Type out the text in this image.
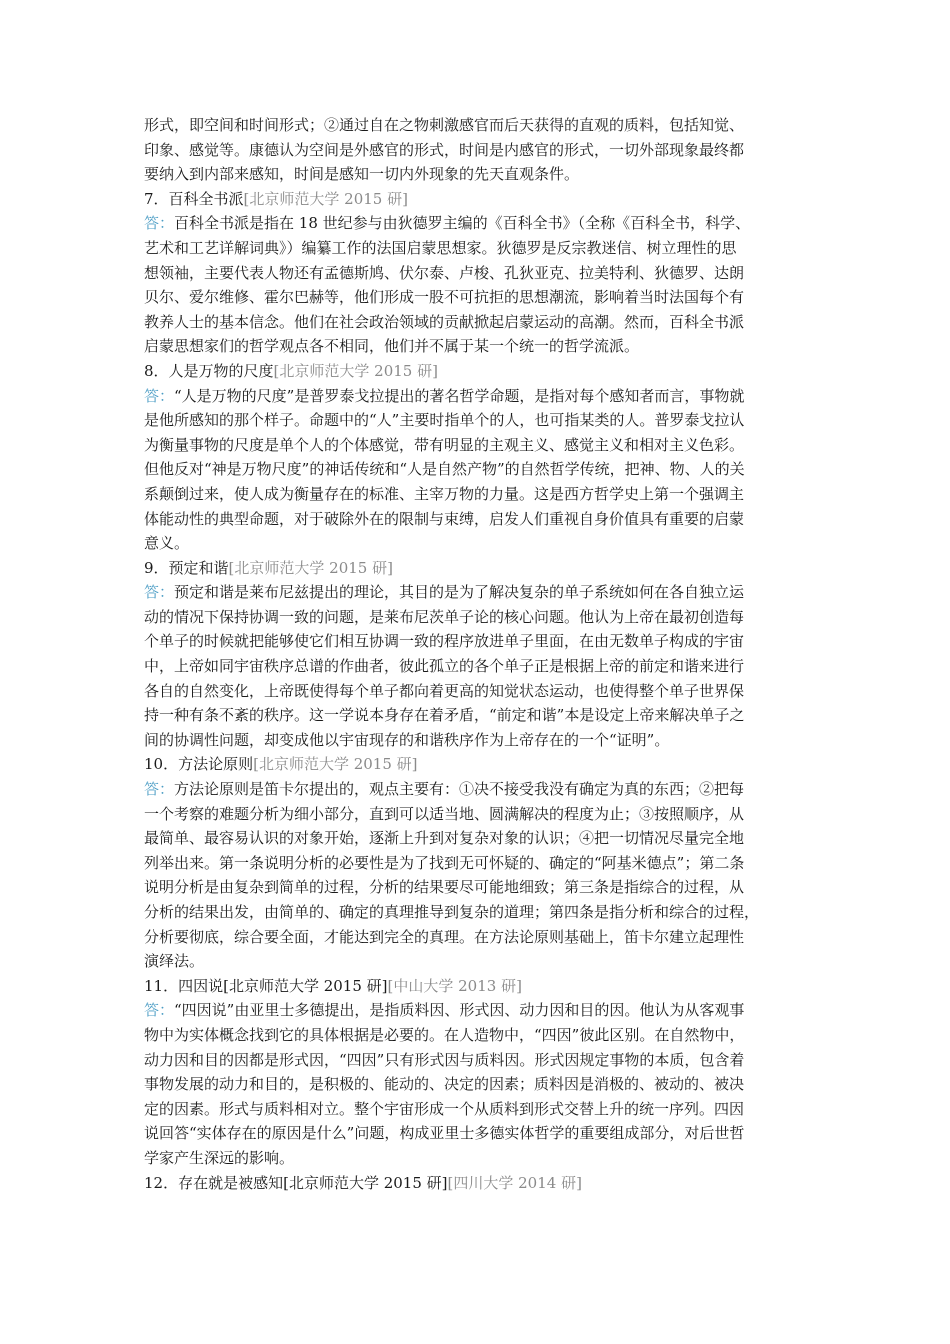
形式，即空间和时间形式；②通过自在之物刺激感官而后天获得的直观的质料，包括知觉、
印象、感觉等。康德认为空间是外感官的形式，时间是内感官的形式，一切外部现象最终都
要纳入到内部来感知，时间是感知一切内外现象的先天直观条件。
7．百科全书派[北京师范大学 2015 研]
答：百科全书派是指在 18 世纪参与由狄德罗主编的《百科全书》（全称《百科全书，科学、
艺术和工艺详解词典》）编纂工作的法国启蒙思想家。狄德罗是反宗教迷信、树立理性的思
想领袖，主要代表人物还有孟德斯鸠、伏尔泰、卢梭、孔狄亚克、拉美特利、狄德罗、达朗
贝尔、爱尔维修、霍尔巴赫等，他们形成一股不可抗拒的思想潮流，影响着当时法国每个有
教养人士的基本信念。他们在社会政治领域的贡献掀起启蒙运动的高潮。然而，百科全书派
启蒙思想家们的哲学观点各不相同，他们并不属于某一个统一的哲学流派。
8．人是万物的尺度[北京师范大学 2015 研]
答：“人是万物的尺度”是普罗泰戈拉提出的著名哲学命题，是指对每个感知者而言，事物就
是他所感知的那个样子。命题中的“人”主要时指单个的人，也可指某类的人。普罗泰戈拉认
为衡量事物的尺度是单个人的个体感觉，带有明显的主观主义、感觉主义和相对主义色彩。
但他反对“神是万物尺度”的神话传统和“人是自然产物”的自然哲学传统，把神、物、人的关
系颠倒过来，使人成为衡量存在的标准、主宰万物的力量。这是西方哲学史上第一个强调主
体能动性的典型命题，对于破除外在的限制与束缚，启发人们重视自身价值具有重要的启蒙
意义。
9．预定和谐[北京师范大学 2015 研]
答：预定和谐是莱布尼兹提出的理论，其目的是为了解决复杂的单子系统如何在各自独立运
动的情况下保持协调一致的问题，是莱布尼茨单子论的核心问题。他认为上帝在最初创造每
个单子的时候就把能够使它们相互协调一致的程序放进单子里面，在由无数单子构成的宇宙
中，上帝如同宇宙秩序总谱的作曲者，彼此孤立的各个单子正是根据上帝的前定和谐来进行
各自的自然变化，上帝既使得每个单子都向着更高的知觉状态运动，也使得整个单子世界保
持一种有条不紊的秩序。这一学说本身存在着矛盾，“前定和谐”本是设定上帝来解决单子之
间的协调性问题，却变成他以宇宙现存的和谐秩序作为上帝存在的一个“证明”。
10．方法论原则[北京师范大学 2015 研]
答：方法论原则是笛卡尔提出的，观点主要有：①决不接受我没有确定为真的东西；②把每
一个考察的难题分析为细小部分，直到可以适当地、圆满解决的程度为止；③按照顺序，从
最简单、最容易认识的对象开始，逐渐上升到对复杂对象的认识；④把一切情况尽量完全地
列举出来。第一条说明分析的必要性是为了找到无可怀疑的、确定的“阿基米德点”；第二条
说明分析是由复杂到简单的过程，分析的结果要尽可能地细致；第三条是指综合的过程，从
分析的结果出发，由简单的、确定的真理推导到复杂的道理；第四条是指分析和综合的过程，
分析要彻底，综合要全面，才能达到完全的真理。在方法论原则基础上，笛卡尔建立起理性
演绎法。
11．四因说[北京师范大学 2015 研][中山大学 2013 研]
答：“四因说”由亚里士多德提出，是指质料因、形式因、动力因和目的因。他认为从客观事
物中为实体概念找到它的具体根据是必要的。在人造物中，“四因”彼此区别。在自然物中，
动力因和目的因都是形式因，“四因”只有形式因与质料因。形式因规定事物的本质，包含着
事物发展的动力和目的，是积极的、能动的、决定的因素；质料因是消极的、被动的、被决
定的因素。形式与质料相对立。整个宇宙形成一个从质料到形式交替上升的统一序列。四因
说回答“实体存在的原因是什么”问题，构成亚里士多德实体哲学的重要组成部分，对后世哲
学家产生深远的影响。
12．存在就是被感知[北京师范大学 2015 研][四川大学 2014 研]
